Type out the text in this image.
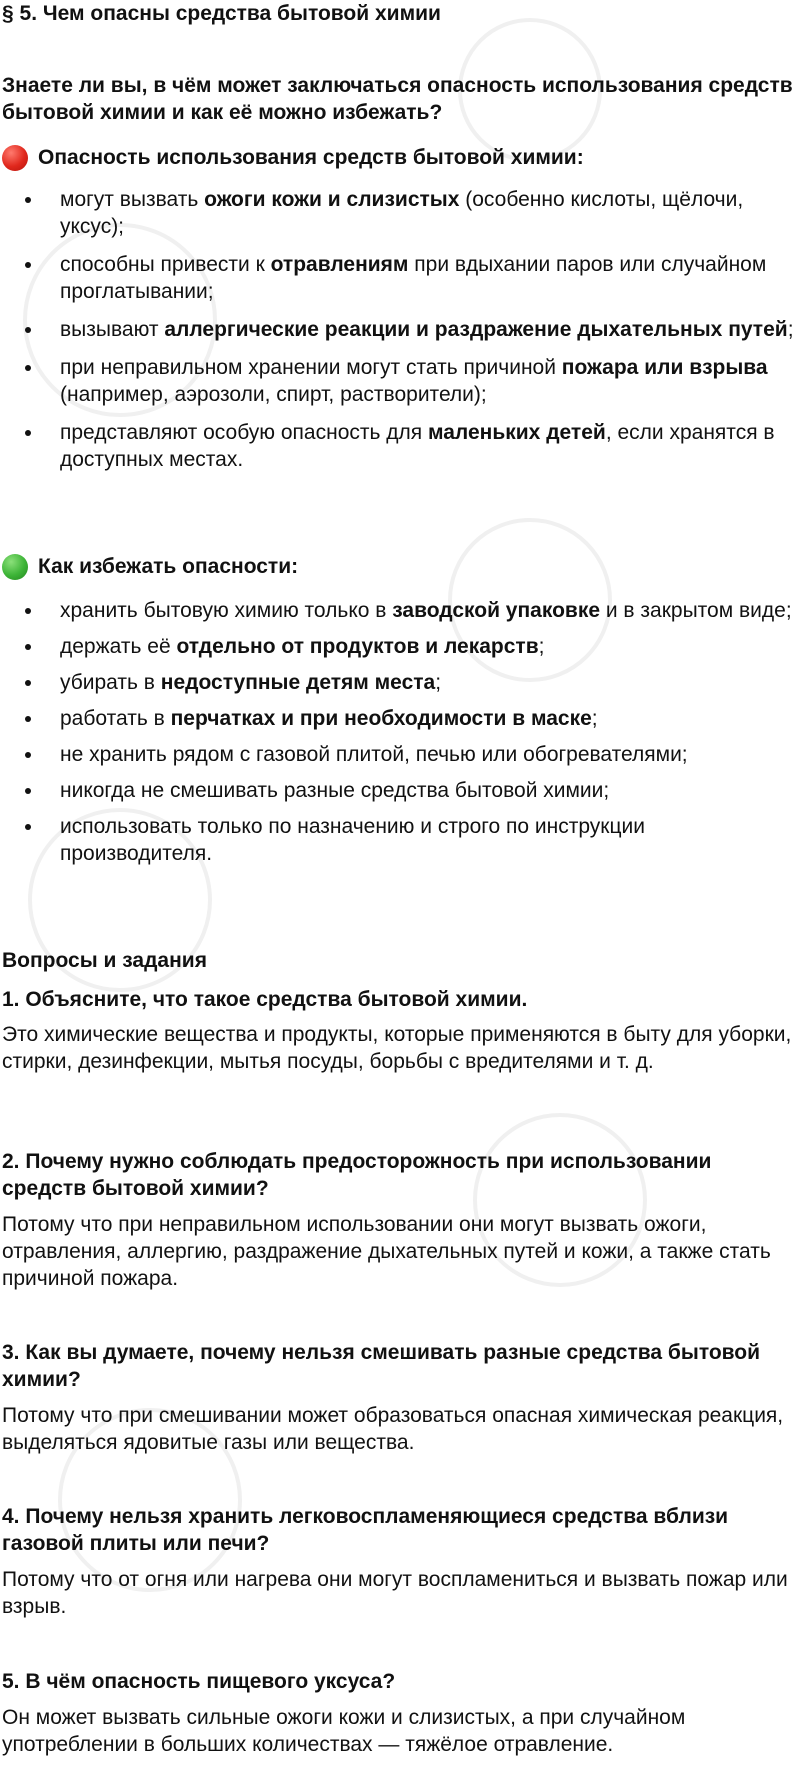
§ 5. Чем опасны средства бытовой химии

Знаете ли вы, в чём может заключаться опасность использования средств бытовой химии и как её можно избежать?

Опасность использования средств бытовой химии:
могут вызвать ожоги кожи и слизистых (особенно кислоты, щёлочи, уксус);
способны привести к отравлениям при вдыхании паров или случайном проглатывании;
вызывают аллергические реакции и раздражение дыхательных путей;
при неправильном хранении могут стать причиной пожара или взрыва (например, аэрозоли, спирт, растворители);
представляют особую опасность для маленьких детей, если хранятся в доступных местах.
Как избежать опасности:
хранить бытовую химию только в заводской упаковке и в закрытом виде;
держать её отдельно от продуктов и лекарств;
убирать в недоступные детям места;
работать в перчатках и при необходимости в маске;
не хранить рядом с газовой плитой, печью или обогревателями;
никогда не смешивать разные средства бытовой химии;
использовать только по назначению и строго по инструкции производителя.
Вопросы и задания

1. Объясните, что такое средства бытовой химии.

Это химические вещества и продукты, которые применяются в быту для уборки, стирки, дезинфекции, мытья посуды, борьбы с вредителями и т. д.

2. Почему нужно соблюдать предосторожность при использовании средств бытовой химии?

Потому что при неправильном использовании они могут вызвать ожоги, отравления, аллергию, раздражение дыхательных путей и кожи, а также стать причиной пожара.

3. Как вы думаете, почему нельзя смешивать разные средства бытовой химии?

Потому что при смешивании может образоваться опасная химическая реакция, выделяться ядовитые газы или вещества.

4. Почему нельзя хранить легковоспламеняющиеся средства вблизи газовой плиты или печи?

Потому что от огня или нагрева они могут воспламениться и вызвать пожар или взрыв.

5. В чём опасность пищевого уксуса?

Он может вызвать сильные ожоги кожи и слизистых, а при случайном употреблении в больших количествах — тяжёлое отравление.
